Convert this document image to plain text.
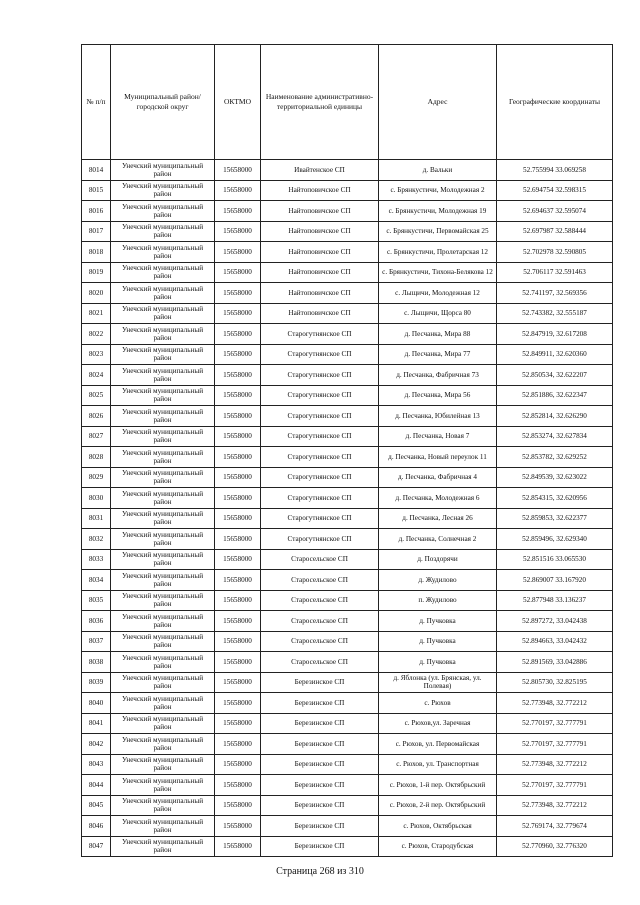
№ п/п	Муниципальный район/городской округ	ОКТМО	Наименование административно-территориальной единицы	Адрес	Географические координаты
8014	Унечский муниципальный район	15658000	Ивайтенское СП	д. Вальки	52.755994 33.069258
8015	Унечский муниципальный район	15658000	Найтоповичское СП	с. Брянкустичи, Молодежная 2	52.694754 32.598315
8016	Унечский муниципальный район	15658000	Найтоповичское СП	с. Брянкустичи, Молодежная 19	52.694637 32.595074
8017	Унечский муниципальный район	15658000	Найтоповичское СП	с. Брянкустичи, Первомайская 25	52.697987 32.588444
8018	Унечский муниципальный район	15658000	Найтоповичское СП	с. Брянкустичи, Пролетарская 12	52.702978 32.590805
8019	Унечский муниципальный район	15658000	Найтоповичское СП	с. Брянкустичи, Тихона-Белякова 12	52.706117 32.591463
8020	Унечский муниципальный район	15658000	Найтоповичское СП	с. Лыщичи, Молодежная 12	52.741197, 32.569356
8021	Унечский муниципальный район	15658000	Найтоповичское СП	с. Лыщичи, Щорса 80	52.743382, 32.555187
8022	Унечский муниципальный район	15658000	Старогутнянское СП	д. Песчанка, Мира 88	52.847919, 32.617208
8023	Унечский муниципальный район	15658000	Старогутнянское СП	д. Песчанка, Мира 77	52.849911, 32.620360
8024	Унечский муниципальный район	15658000	Старогутнянское СП	д. Песчанка, Фабричная 73	52.850534, 32.622207
8025	Унечский муниципальный район	15658000	Старогутнянское СП	д. Песчанка, Мира 56	52.851886, 32.622347
8026	Унечский муниципальный район	15658000	Старогутнянское СП	д. Песчанка, Юбилейная 13	52.852814, 32.626290
8027	Унечский муниципальный район	15658000	Старогутнянское СП	д. Песчанка, Новая 7	52.853274, 32.627834
8028	Унечский муниципальный район	15658000	Старогутнянское СП	д. Песчанка, Новый переулок 11	52.853782, 32.629252
8029	Унечский муниципальный район	15658000	Старогутнянское СП	д. Песчанка, Фабричная 4	52.849539, 32.623022
8030	Унечский муниципальный район	15658000	Старогутнянское СП	д. Песчанка, Молодежная 6	52.854315, 32.620956
8031	Унечский муниципальный район	15658000	Старогутнянское СП	д. Песчанка, Лесная 26	52.859853, 32.622377
8032	Унечский муниципальный район	15658000	Старогутнянское СП	д. Песчанка, Солнечная 2	52.859496, 32.629340
8033	Унечский муниципальный район	15658000	Старосельское СП	д. Поздорячи	52.851516 33.065530
8034	Унечский муниципальный район	15658000	Старосельское СП	д. Жудилово	52.869007 33.167920
8035	Унечский муниципальный район	15658000	Старосельское СП	п. Жудилово	52.877948 33.136237
8036	Унечский муниципальный район	15658000	Старосельское СП	д. Пучковка	52.897272, 33.042438
8037	Унечский муниципальный район	15658000	Старосельское СП	д. Пучковка	52.894663, 33.042432
8038	Унечский муниципальный район	15658000	Старосельское СП	д. Пучковка	52.891569, 33.042886
8039	Унечский муниципальный район	15658000	Березинское СП	д. Яблонка (ул. Брянская, ул. Полевая)	52.805730, 32.825195
8040	Унечский муниципальный район	15658000	Березинское СП	с. Рюхов	52.773948, 32.772212
8041	Унечский муниципальный район	15658000	Березинское СП	с. Рюхов,ул. Заречная	52.770197, 32.777791
8042	Унечский муниципальный район	15658000	Березинское СП	с. Рюхов, ул. Первомайская	52.770197, 32.777791
8043	Унечский муниципальный район	15658000	Березинское СП	с. Рюхов, ул. Транспортная	52.773948, 32.772212
8044	Унечский муниципальный район	15658000	Березинское СП	с. Рюхов, 1-й пер. Октябрьский	52.770197, 32.777791
8045	Унечский муниципальный район	15658000	Березинское СП	с. Рюхов, 2-й пер. Октябрьский	52.773948, 32.772212
8046	Унечский муниципальный район	15658000	Березинское СП	с. Рюхов, Октябрьская	52.769174, 32.779674
8047	Унечский муниципальный район	15658000	Березинское СП	с. Рюхов, Стародубская	52.770960, 32.776320
Страница 268 из 310
